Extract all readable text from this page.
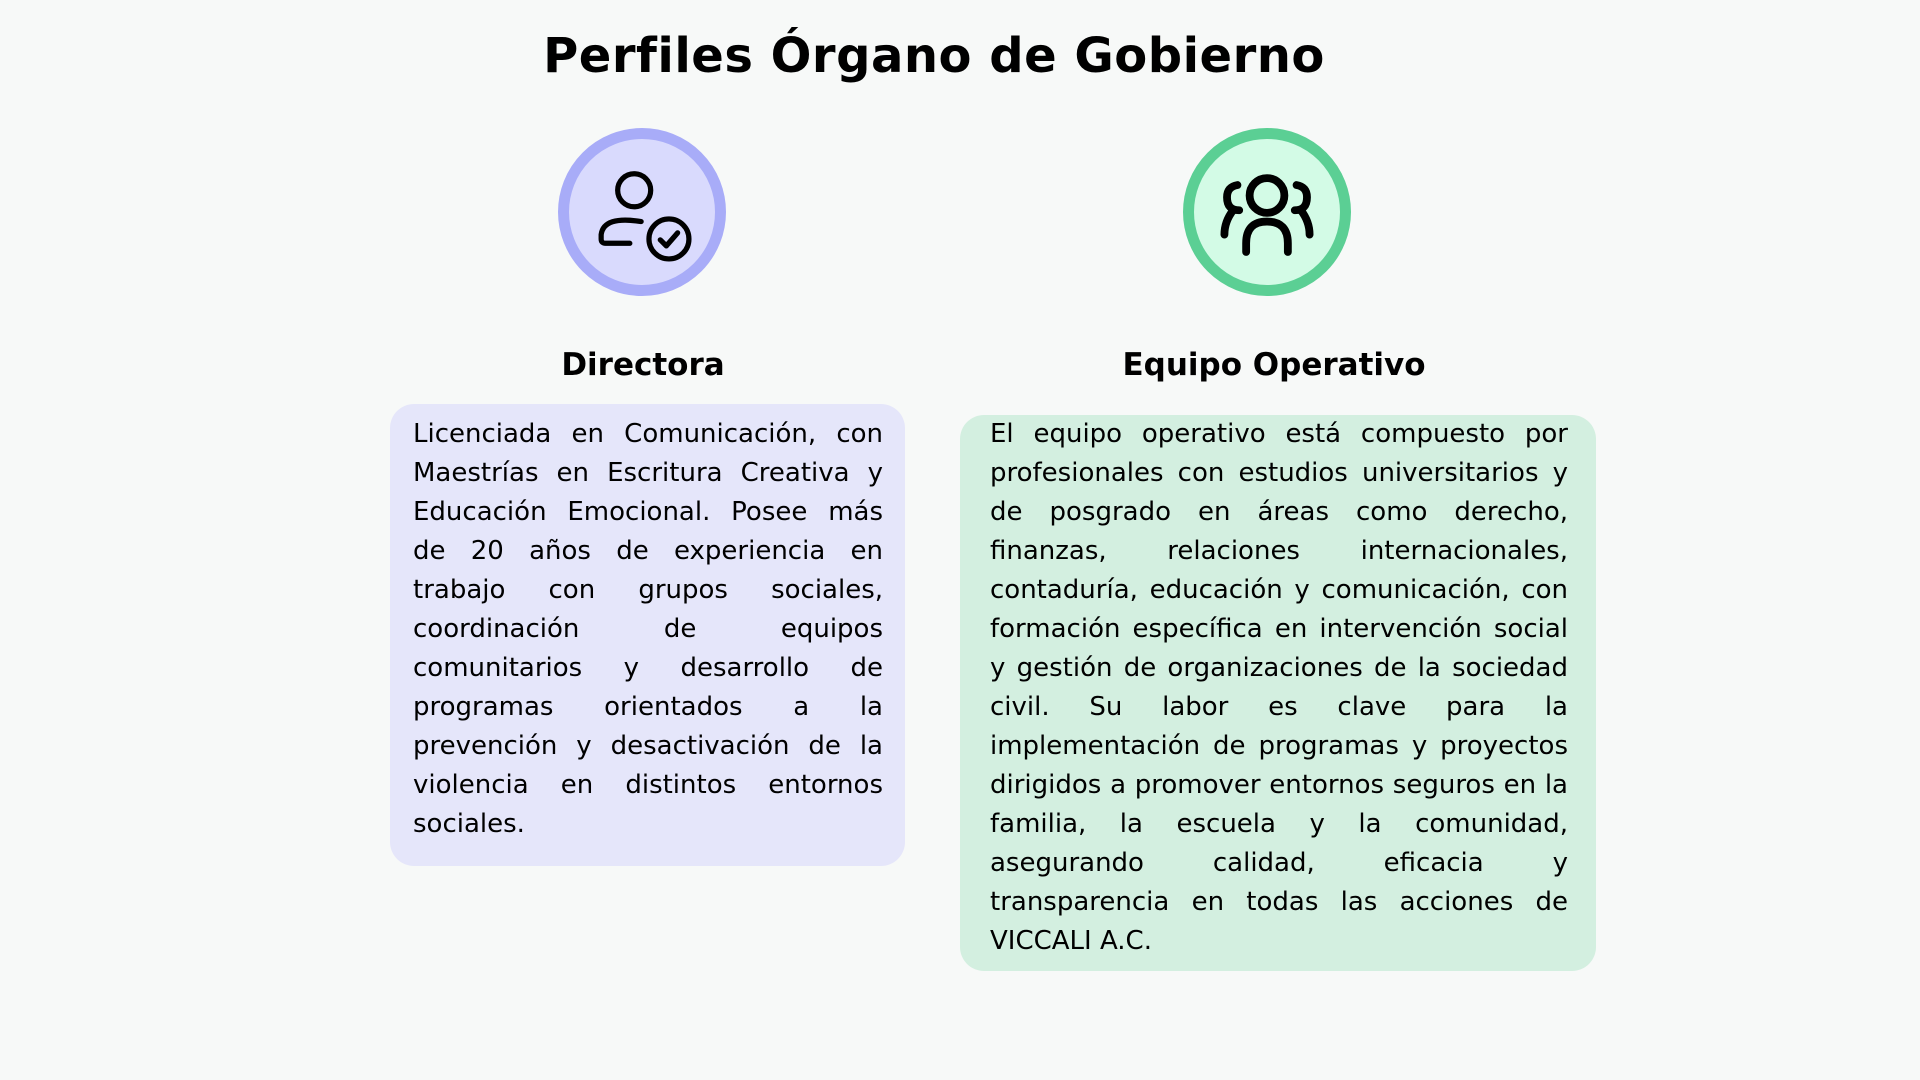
Perfiles Órgano de Gobierno
Directora
Licenciada en Comunicación, con Maestrías en Escritura Creativa y Educación Emocional. Posee más de 20 años de experiencia en trabajo con grupos sociales, coordinación de equipos comunitarios y desarrollo de programas orientados a la prevención y desactivación de la violencia en distintos entornos sociales.
Equipo Operativo
El equipo operativo está compuesto por profesionales con estudios universitarios y de posgrado en áreas como derecho, finanzas, relaciones internacionales, contaduría, educación y comunicación, con formación específica en intervención social y gestión de organizaciones de la sociedad civil. Su labor es clave para la implementación de programas y proyectos dirigidos a promover entornos seguros en la familia, la escuela y la comunidad, asegurando calidad, eficacia y transparencia en todas las acciones de VICCALI A.C.
